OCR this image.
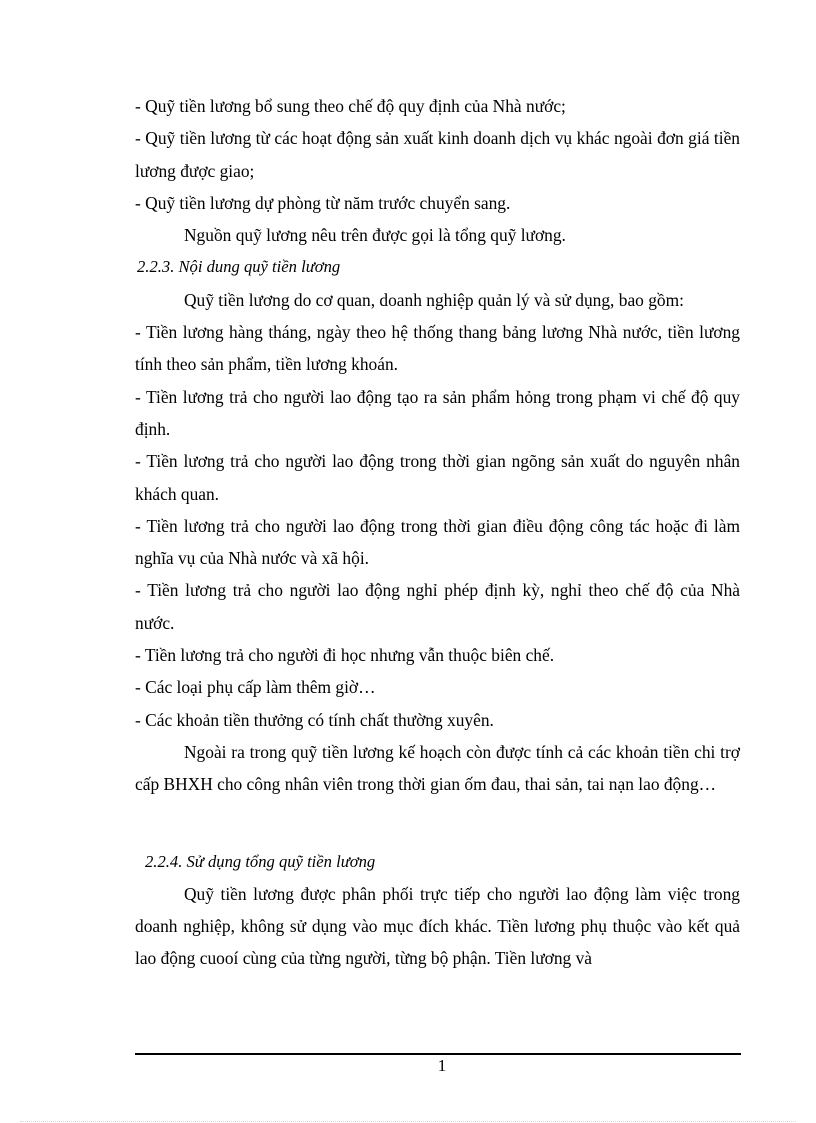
- Quỹ tiền lương bổ sung theo chế độ quy định của Nhà nước;

- Quỹ tiền lương từ các hoạt động sản xuất kinh doanh dịch vụ khác ngoài đơn giá tiền lương được giao;

- Quỹ tiền lương dự phòng từ năm trước chuyển sang.

Nguồn quỹ lương nêu trên được gọi là tổng quỹ lương.

2.2.3. Nội dung quỹ tiền lương

Quỹ tiền lương do cơ quan, doanh nghiệp quản lý và sử dụng, bao gồm:

- Tiền lương hàng tháng, ngày theo hệ thống thang bảng lương Nhà nước, tiền lương tính theo sản phẩm, tiền lương khoán.

- Tiền lương trả cho người lao động tạo ra sản phẩm hỏng trong phạm vi chế độ quy định.

- Tiền lương trả cho người lao động trong thời gian ngõng sản xuất do nguyên nhân khách quan.

- Tiền lương trả cho người lao động trong thời gian điều động công tác hoặc đi làm nghĩa vụ của Nhà nước và xã hội.

- Tiền lương trả cho người lao động nghỉ phép định kỳ, nghỉ theo chế độ của Nhà nước.

- Tiền lương trả cho người đi học nhưng vẫn thuộc biên chế.

- Các loại phụ cấp làm thêm giờ…

- Các khoản tiền thưởng có tính chất thường xuyên.

Ngoài ra trong quỹ tiền lương kế hoạch còn được tính cả các khoản tiền chi trợ cấp BHXH cho công nhân viên trong thời gian ốm đau, thai sản, tai nạn lao động…

2.2.4. Sử dụng tổng quỹ tiền lương

Quỹ tiền lương được phân phối trực tiếp cho người lao động làm việc trong doanh nghiệp, không sử dụng vào mục đích khác. Tiền lương phụ thuộc vào kết quả lao động cuooí cùng của từng người, từng bộ phận. Tiền lương và

1
